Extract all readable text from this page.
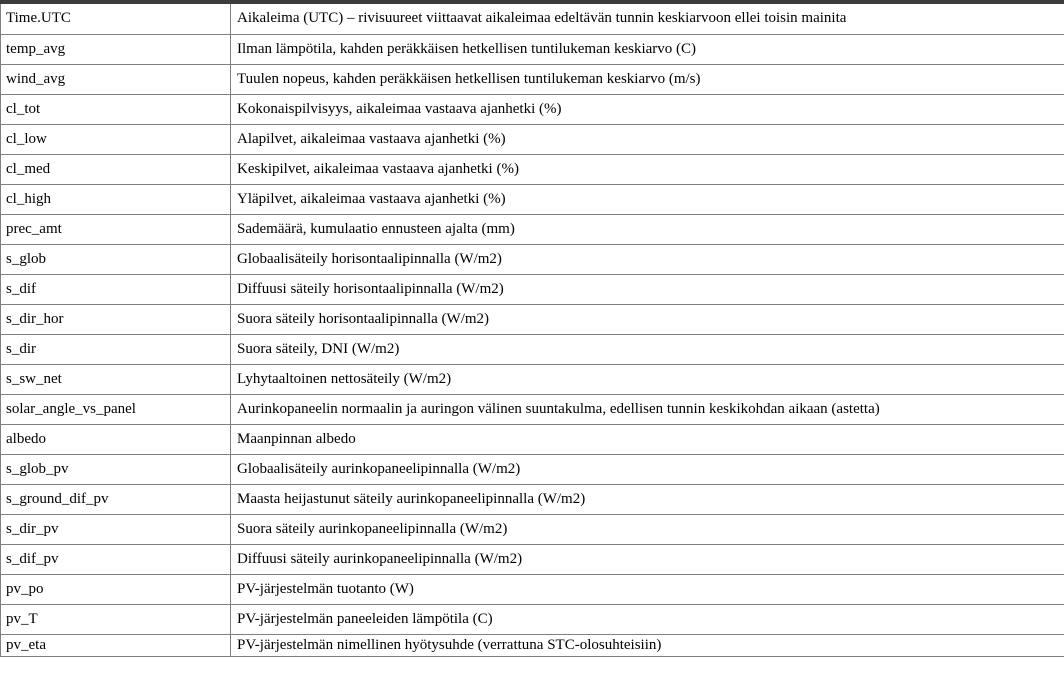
Time.UTC	Aikaleima (UTC) – rivisuureet viittaavat aikaleimaa edeltävän tunnin keskiarvoon ellei toisin mainita
temp_avg	Ilman lämpötila, kahden peräkkäisen hetkellisen tuntilukeman keskiarvo (C)
wind_avg	Tuulen nopeus, kahden peräkkäisen hetkellisen tuntilukeman keskiarvo (m/s)
cl_tot	Kokonaispilvisyys, aikaleimaa vastaava ajanhetki (%)
cl_low	Alapilvet, aikaleimaa vastaava ajanhetki (%)
cl_med	Keskipilvet, aikaleimaa vastaava ajanhetki (%)
cl_high	Yläpilvet, aikaleimaa vastaava ajanhetki (%)
prec_amt	Sademäärä, kumulaatio ennusteen ajalta (mm)
s_glob	Globaalisäteily horisontaalipinnalla (W/m2)
s_dif	Diffuusi säteily horisontaalipinnalla (W/m2)
s_dir_hor	Suora säteily horisontaalipinnalla (W/m2)
s_dir	Suora säteily, DNI (W/m2)
s_sw_net	Lyhytaaltoinen nettosäteily (W/m2)
solar_angle_vs_panel	Aurinkopaneelin normaalin ja auringon välinen suuntakulma, edellisen tunnin keskikohdan aikaan (astetta)
albedo	Maanpinnan albedo
s_glob_pv	Globaalisäteily aurinkopaneelipinnalla (W/m2)
s_ground_dif_pv	Maasta heijastunut säteily aurinkopaneelipinnalla (W/m2)
s_dir_pv	Suora säteily aurinkopaneelipinnalla (W/m2)
s_dif_pv	Diffuusi säteily aurinkopaneelipinnalla (W/m2)
pv_po	PV-järjestelmän tuotanto (W)
pv_T	PV-järjestelmän paneeleiden lämpötila (C)
pv_eta	PV-järjestelmän nimellinen hyötysuhde (verrattuna STC-olosuhteisiin)
